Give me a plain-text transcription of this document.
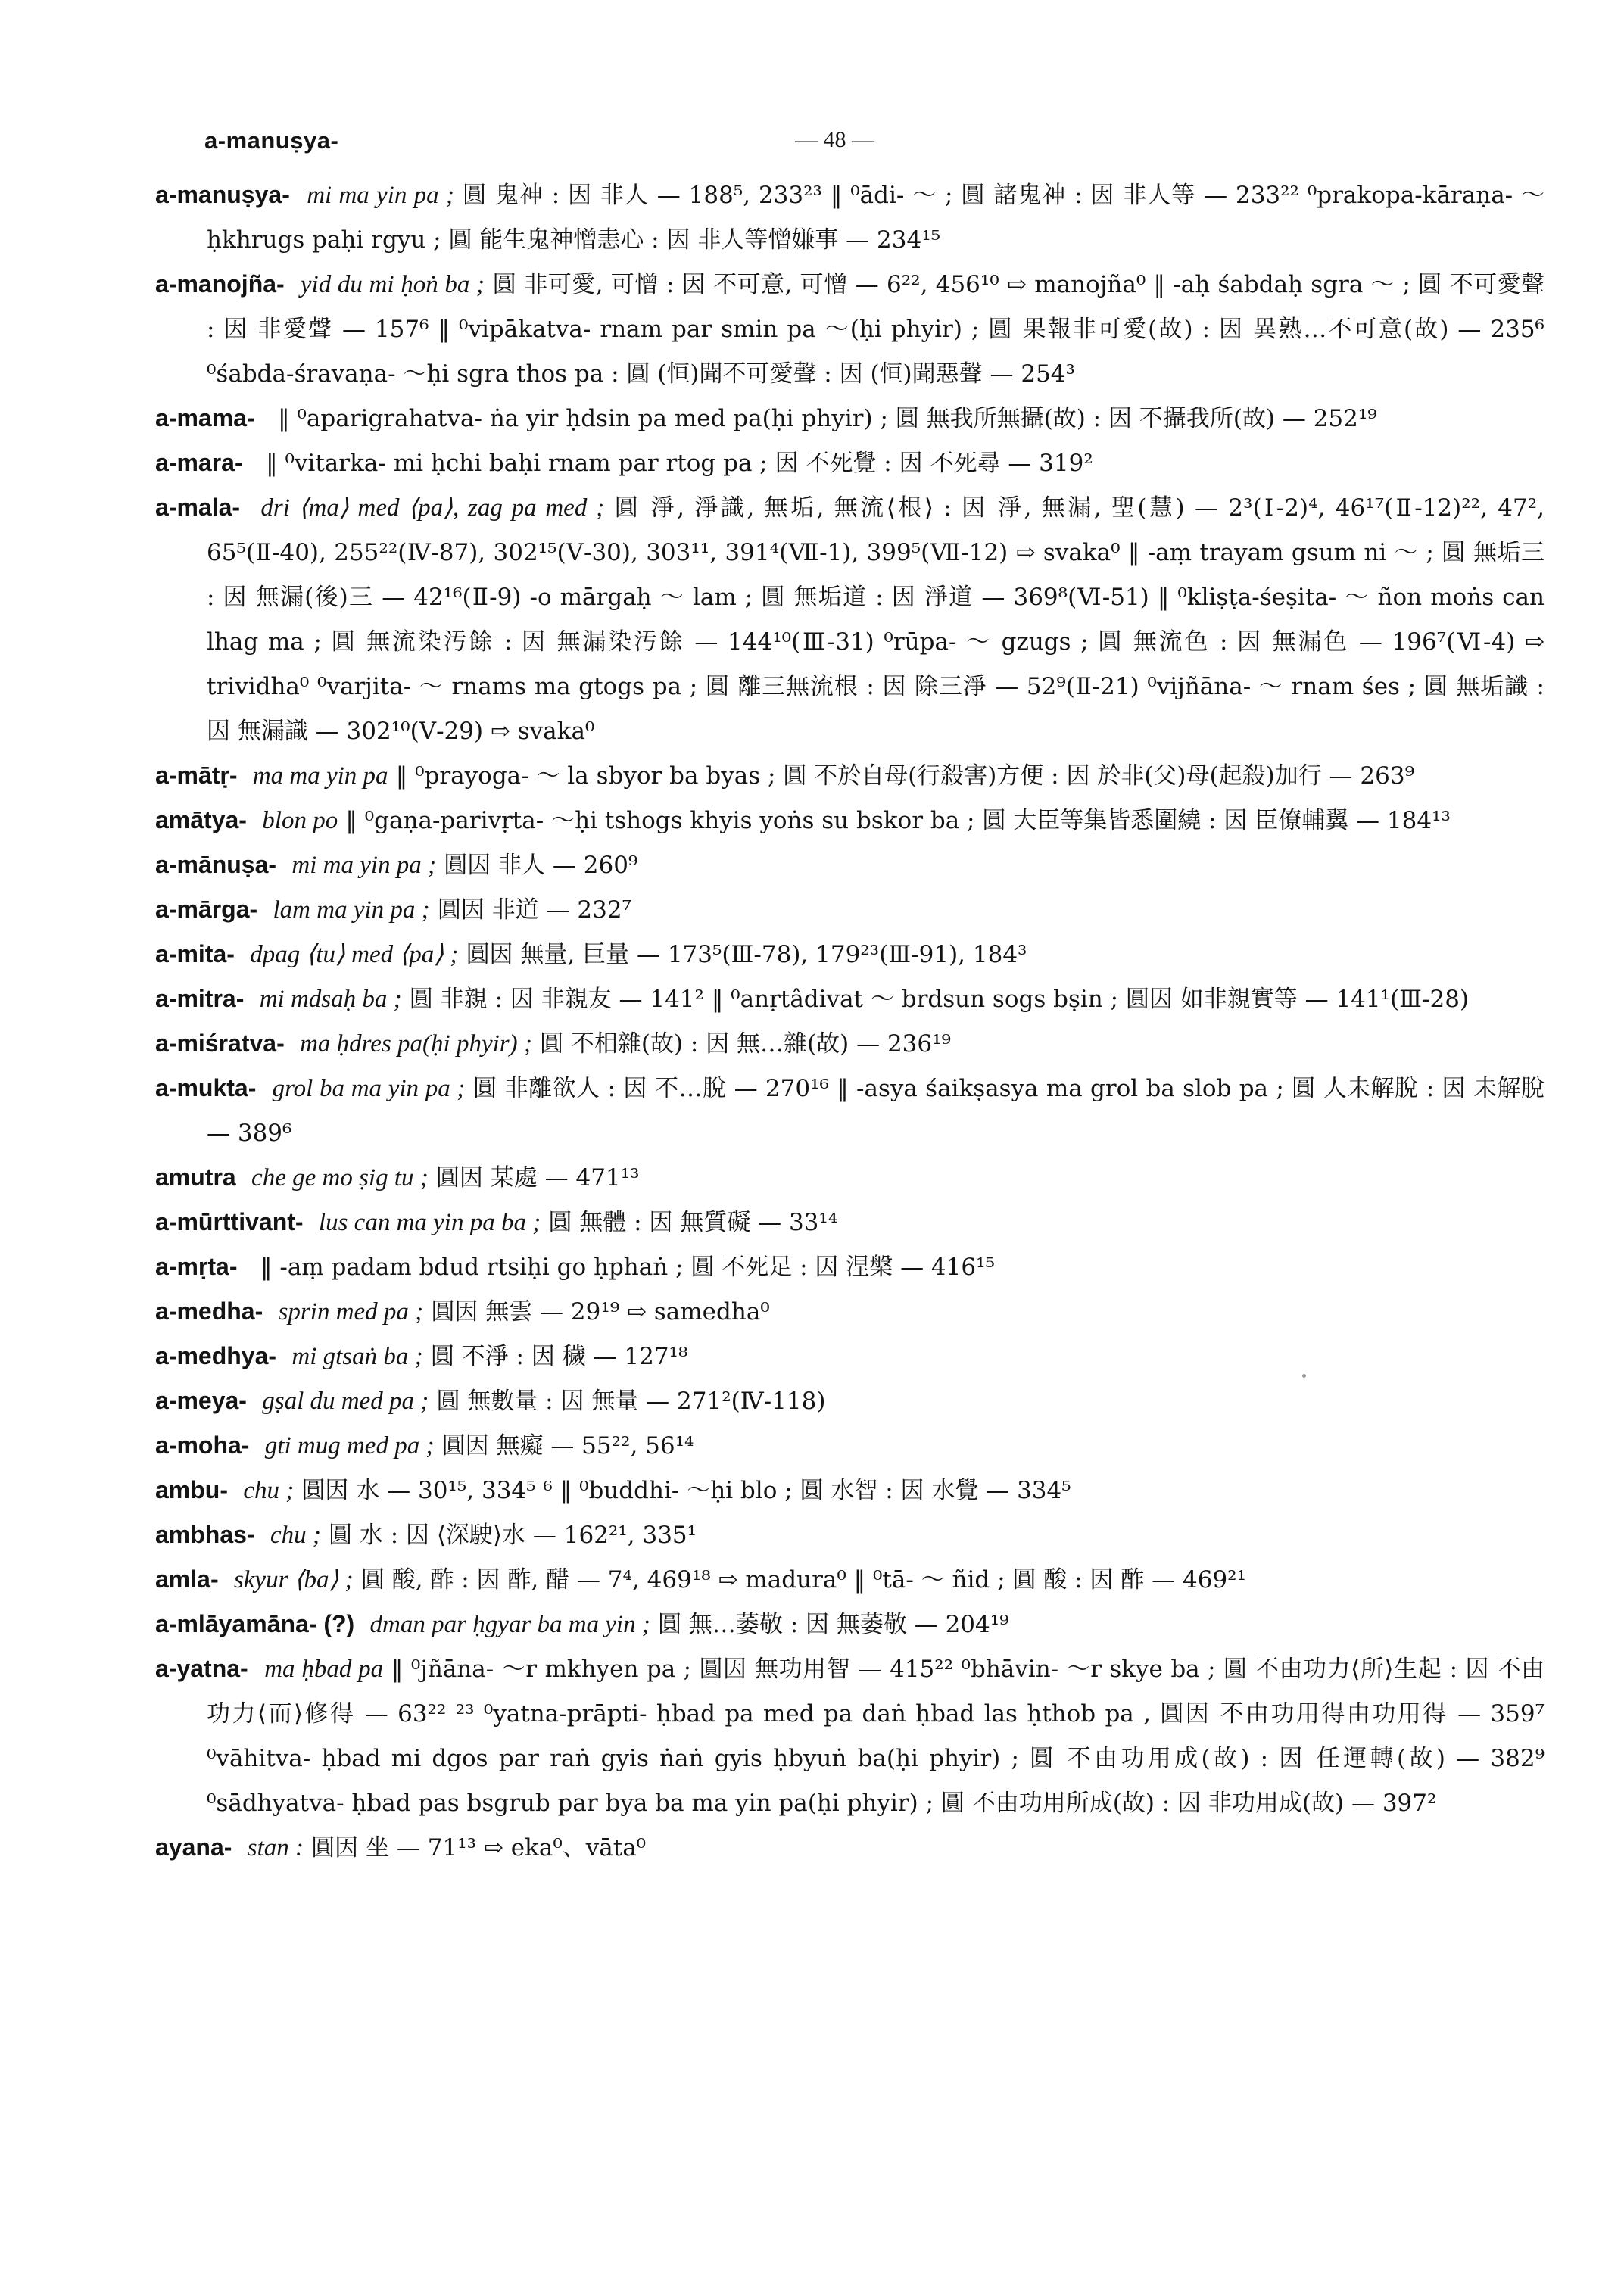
a-manuṣya-	— 48 —

a-manuṣya- mi ma yin pa ; 圓 鬼神 : 因 非人 — 188⁵, 233²³ ‖ ⁰ādi- ～ ; 圓 諸鬼神 : 因 非人等 — 233²² ⁰prakopa-kāraṇa- ～ ḥkhrugs paḥi rgyu ; 圓 能生鬼神憎恚心 : 因 非人等憎嫌事 — 234¹⁵

a-manojña- yid du mi ḥoṅ ba ; 圓 非可愛, 可憎 : 因 不可意, 可憎 — 6²², 456¹⁰ ⇨ manojña⁰ ‖ -aḥ śabdaḥ sgra ～ ; 圓 不可愛聲 : 因 非愛聲 — 157⁶ ‖ ⁰vipākatva- rnam par smin pa ～(ḥi phyir) ; 圓 果報非可愛(故) : 因 異熟…不可意(故) — 235⁶ ⁰śabda-śravaṇa- ～ḥi sgra thos pa : 圓 (恒)聞不可愛聲 : 因 (恒)聞惡聲 — 254³

a-mama- ‖ ⁰aparigrahatva- ṅa yir ḥdsin pa med pa(ḥi phyir) ; 圓 無我所無攝(故) : 因 不攝我所(故) — 252¹⁹

a-mara- ‖ ⁰vitarka- mi ḥchi baḥi rnam par rtog pa ; 因 不死覺 : 因 不死尋 — 319²

a-mala- dri ⟨ma⟩ med ⟨pa⟩, zag pa med ; 圓 淨, 淨識, 無垢, 無流⟨根⟩ : 因 淨, 無漏, 聖(慧) — 2³(Ⅰ-2)⁴, 46¹⁷(Ⅱ-12)²², 47², 65⁵(Ⅱ-40), 255²²(Ⅳ-87), 302¹⁵(Ⅴ-30), 303¹¹, 391⁴(Ⅶ-1), 399⁵(Ⅶ-12) ⇨ svaka⁰ ‖ -aṃ trayam gsum ni ～ ; 圓 無垢三 : 因 無漏(後)三 — 42¹⁶(Ⅱ-9) -o mārgaḥ ～ lam ; 圓 無垢道 : 因 淨道 — 369⁸(Ⅵ-51) ‖ ⁰kliṣṭa-śeṣita- ～ ñon moṅs can lhag ma ; 圓 無流染汚餘 : 因 無漏染汚餘 — 144¹⁰(Ⅲ-31) ⁰rūpa- ～ gzugs ; 圓 無流色 : 因 無漏色 — 196⁷(Ⅵ-4) ⇨ trividha⁰ ⁰varjita- ～ rnams ma gtogs pa ; 圓 離三無流根 : 因 除三淨 — 52⁹(Ⅱ-21) ⁰vijñāna- ～ rnam śes ; 圓 無垢識 : 因 無漏識 — 302¹⁰(Ⅴ-29) ⇨ svaka⁰

a-mātṛ- ma ma yin pa ‖ ⁰prayoga- ～ la sbyor ba byas ; 圓 不於自母(行殺害)方便 : 因 於非(父)母(起殺)加行 — 263⁹

amātya- blon po ‖ ⁰gaṇa-parivṛta- ～ḥi tshogs khyis yoṅs su bskor ba ; 圓 大臣等集皆悉圍繞 : 因 臣僚輔翼 — 184¹³

a-mānuṣa- mi ma yin pa ; 圓因 非人 — 260⁹

a-mārga- lam ma yin pa ; 圓因 非道 — 232⁷

a-mita- dpag ⟨tu⟩ med ⟨pa⟩ ; 圓因 無量, 巨量 — 173⁵(Ⅲ-78), 179²³(Ⅲ-91), 184³

a-mitra- mi mdsaḥ ba ; 圓 非親 : 因 非親友 — 141² ‖ ⁰anṛtâdivat ～ brdsun sogs bṣin ; 圓因 如非親實等 — 141¹(Ⅲ-28)

a-miśratva- ma ḥdres pa(ḥi phyir) ; 圓 不相雜(故) : 因 無…雜(故) — 236¹⁹

a-mukta- grol ba ma yin pa ; 圓 非離欲人 : 因 不…脫 — 270¹⁶ ‖ -asya śaikṣasya ma grol ba slob pa ; 圓 人未解脫 : 因 未解脫 — 389⁶

amutra che ge mo ṣig tu ; 圓因 某處 — 471¹³

a-mūrttivant- lus can ma yin pa ba ; 圓 無體 : 因 無質礙 — 33¹⁴

a-mṛta- ‖ -aṃ padam bdud rtsiḥi go ḥphaṅ ; 圓 不死足 : 因 涅槃 — 416¹⁵

a-medha- sprin med pa ; 圓因 無雲 — 29¹⁹ ⇨ samedha⁰

a-medhya- mi gtsaṅ ba ; 圓 不淨 : 因 穢 — 127¹⁸

a-meya- gṣal du med pa ; 圓 無數量 : 因 無量 — 271²(Ⅳ-118)

a-moha- gti mug med pa ; 圓因 無癡 — 55²², 56¹⁴

ambu- chu ; 圓因 水 — 30¹⁵, 334⁵ ⁶ ‖ ⁰buddhi- ～ḥi blo ; 圓 水智 : 因 水覺 — 334⁵

ambhas- chu ; 圓 水 : 因 ⟨深駛⟩水 — 162²¹, 335¹

amla- skyur ⟨ba⟩ ; 圓 酸, 酢 : 因 酢, 醋 — 7⁴, 469¹⁸ ⇨ madura⁰ ‖ ⁰tā- ～ ñid ; 圓 酸 : 因 酢 — 469²¹

a-mlāyamāna- (?) dman par ḥgyar ba ma yin ; 圓 無…萎敬 : 因 無萎敬 — 204¹⁹

a-yatna- ma ḥbad pa ‖ ⁰jñāna- ～r mkhyen pa ; 圓因 無功用智 — 415²² ⁰bhāvin- ～r skye ba ; 圓 不由功力⟨所⟩生起 : 因 不由功力⟨而⟩修得 — 63²² ²³ ⁰yatna-prāpti- ḥbad pa med pa daṅ ḥbad las ḥthob pa , 圓因 不由功用得由功用得 — 359⁷ ⁰vāhitva- ḥbad mi dgos par raṅ gyis ṅaṅ gyis ḥbyuṅ ba(ḥi phyir) ; 圓 不由功用成(故) : 因 任運轉(故) — 382⁹ ⁰sādhyatva- ḥbad pas bsgrub par bya ba ma yin pa(ḥi phyir) ; 圓 不由功用所成(故) : 因 非功用成(故) — 397²

ayana- stan : 圓因 坐 — 71¹³ ⇨ eka⁰、vāta⁰
